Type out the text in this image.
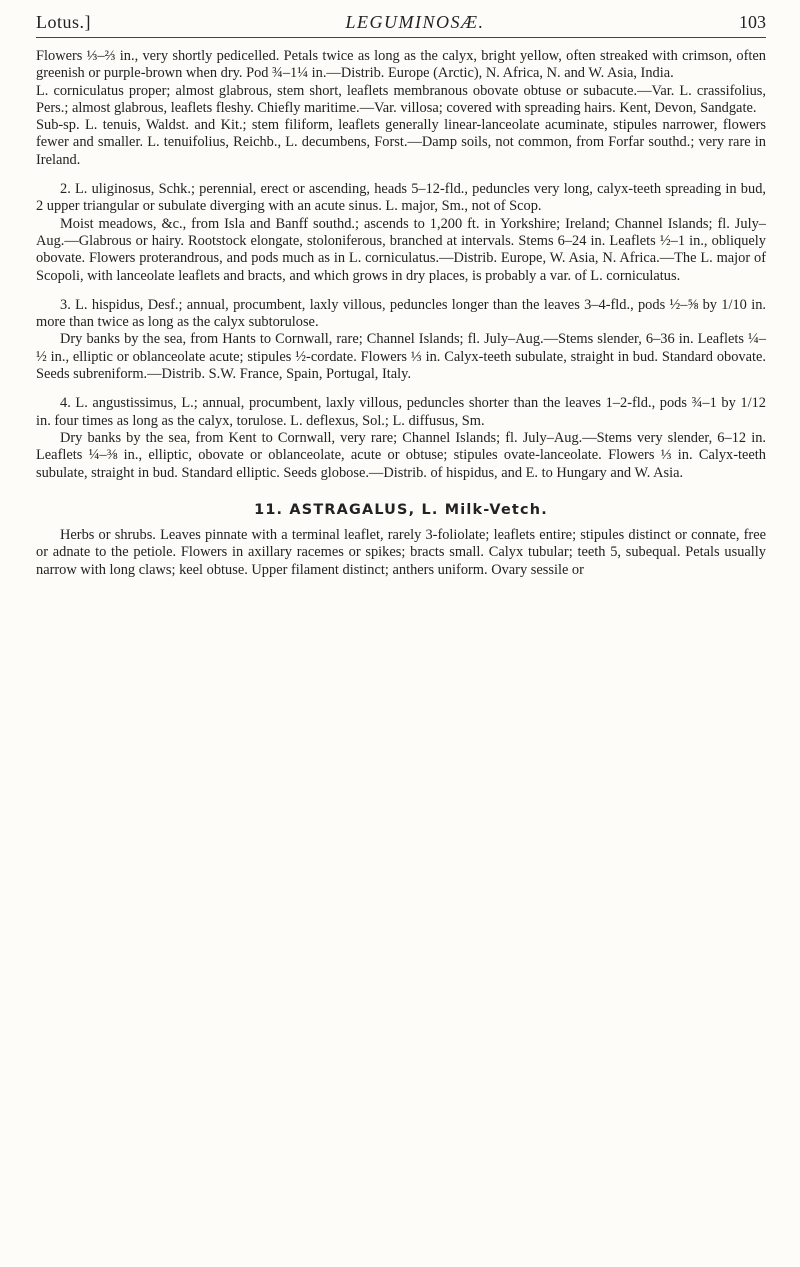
Lotus.]	LEGUMINOSÆ.	103

Flowers ⅓–⅔ in., very shortly pedicelled. Petals twice as long as the calyx, bright yellow, often streaked with crimson, often greenish or purple-brown when dry. Pod ¾–1¼ in.—Distrib. Europe (Arctic), N. Africa, N. and W. Asia, India.

L. corniculatus proper; almost glabrous, stem short, leaflets membranous obovate obtuse or subacute.—Var. L. crassifolius, Pers.; almost glabrous, leaflets fleshy. Chiefly maritime.—Var. villosa; covered with spreading hairs. Kent, Devon, Sandgate.

Sub-sp. L. tenuis, Waldst. and Kit.; stem filiform, leaflets generally linear-lanceolate acuminate, stipules narrower, flowers fewer and smaller. L. tenuifolius, Reichb., L. decumbens, Forst.—Damp soils, not common, from Forfar southd.; very rare in Ireland.

2. L. uliginosus, Schk.; perennial, erect or ascending, heads 5–12-fld., peduncles very long, calyx-teeth spreading in bud, 2 upper triangular or subulate diverging with an acute sinus. L. major, Sm., not of Scop.

Moist meadows, &c., from Isla and Banff southd.; ascends to 1,200 ft. in Yorkshire; Ireland; Channel Islands; fl. July–Aug.—Glabrous or hairy. Rootstock elongate, stoloniferous, branched at intervals. Stems 6–24 in. Leaflets ½–1 in., obliquely obovate. Flowers proterandrous, and pods much as in L. corniculatus.—Distrib. Europe, W. Asia, N. Africa.—The L. major of Scopoli, with lanceolate leaflets and bracts, and which grows in dry places, is probably a var. of L. corniculatus.

3. L. hispidus, Desf.; annual, procumbent, laxly villous, peduncles longer than the leaves 3–4-fld., pods ½–⅝ by 1/10 in. more than twice as long as the calyx subtorulose.

Dry banks by the sea, from Hants to Cornwall, rare; Channel Islands; fl. July–Aug.—Stems slender, 6–36 in. Leaflets ¼–½ in., elliptic or oblanceolate acute; stipules ½-cordate. Flowers ⅓ in. Calyx-teeth subulate, straight in bud. Standard obovate. Seeds subreniform.—Distrib. S.W. France, Spain, Portugal, Italy.

4. L. angustissimus, L.; annual, procumbent, laxly villous, peduncles shorter than the leaves 1–2-fld., pods ¾–1 by 1/12 in. four times as long as the calyx, torulose. L. deflexus, Sol.; L. diffusus, Sm.

Dry banks by the sea, from Kent to Cornwall, very rare; Channel Islands; fl. July–Aug.—Stems very slender, 6–12 in. Leaflets ¼–⅜ in., elliptic, obovate or oblanceolate, acute or obtuse; stipules ovate-lanceolate. Flowers ⅓ in. Calyx-teeth subulate, straight in bud. Standard elliptic. Seeds globose.—Distrib. of hispidus, and E. to Hungary and W. Asia.

11. ASTRAGALUS, L. Milk-Vetch.

Herbs or shrubs. Leaves pinnate with a terminal leaflet, rarely 3-foliolate; leaflets entire; stipules distinct or connate, free or adnate to the petiole. Flowers in axillary racemes or spikes; bracts small. Calyx tubular; teeth 5, subequal. Petals usually narrow with long claws; keel obtuse. Upper filament distinct; anthers uniform. Ovary sessile or
